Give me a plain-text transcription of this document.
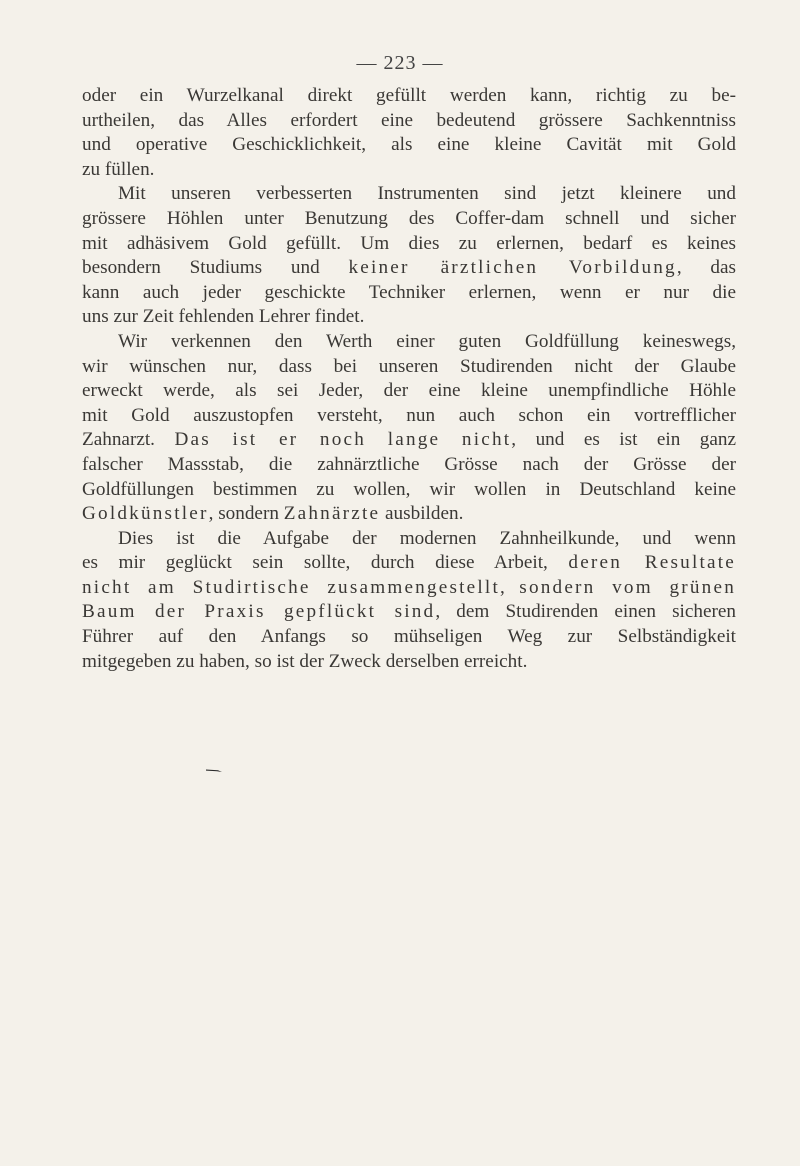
— 223 —
oder ein Wurzelkanal direkt gefüllt werden kann, richtig zu be-
urtheilen, das Alles erfordert eine bedeutend grössere Sachkenntniss
und operative Geschicklichkeit, als eine kleine Cavität mit Gold
zu füllen.
Mit unseren verbesserten Instrumenten sind jetzt kleinere und
grössere Höhlen unter Benutzung des Coffer-dam schnell und sicher
mit adhäsivem Gold gefüllt. Um dies zu erlernen, bedarf es keines
besondern Studiums und keiner ärztlichen Vorbildung, das
kann auch jeder geschickte Techniker erlernen, wenn er nur die
uns zur Zeit fehlenden Lehrer findet.
Wir verkennen den Werth einer guten Goldfüllung keineswegs,
wir wünschen nur, dass bei unseren Studirenden nicht der Glaube
erweckt werde, als sei Jeder, der eine kleine unempfindliche Höhle
mit Gold auszustopfen versteht, nun auch schon ein vortrefflicher
Zahnarzt. Das ist er noch lange nicht, und es ist ein ganz
falscher Massstab, die zahnärztliche Grösse nach der Grösse der
Goldfüllungen bestimmen zu wollen, wir wollen in Deutschland keine
Goldkünstler, sondern Zahnärzte ausbilden.
Dies ist die Aufgabe der modernen Zahnheilkunde, und wenn
es mir geglückt sein sollte, durch diese Arbeit, deren Resultate
nicht am Studirtische zusammengestellt, sondern vom grünen
Baum der Praxis gepflückt sind, dem Studirenden einen sicheren
Führer auf den Anfangs so mühseligen Weg zur Selbständigkeit
mitgegeben zu haben, so ist der Zweck derselben erreicht.
